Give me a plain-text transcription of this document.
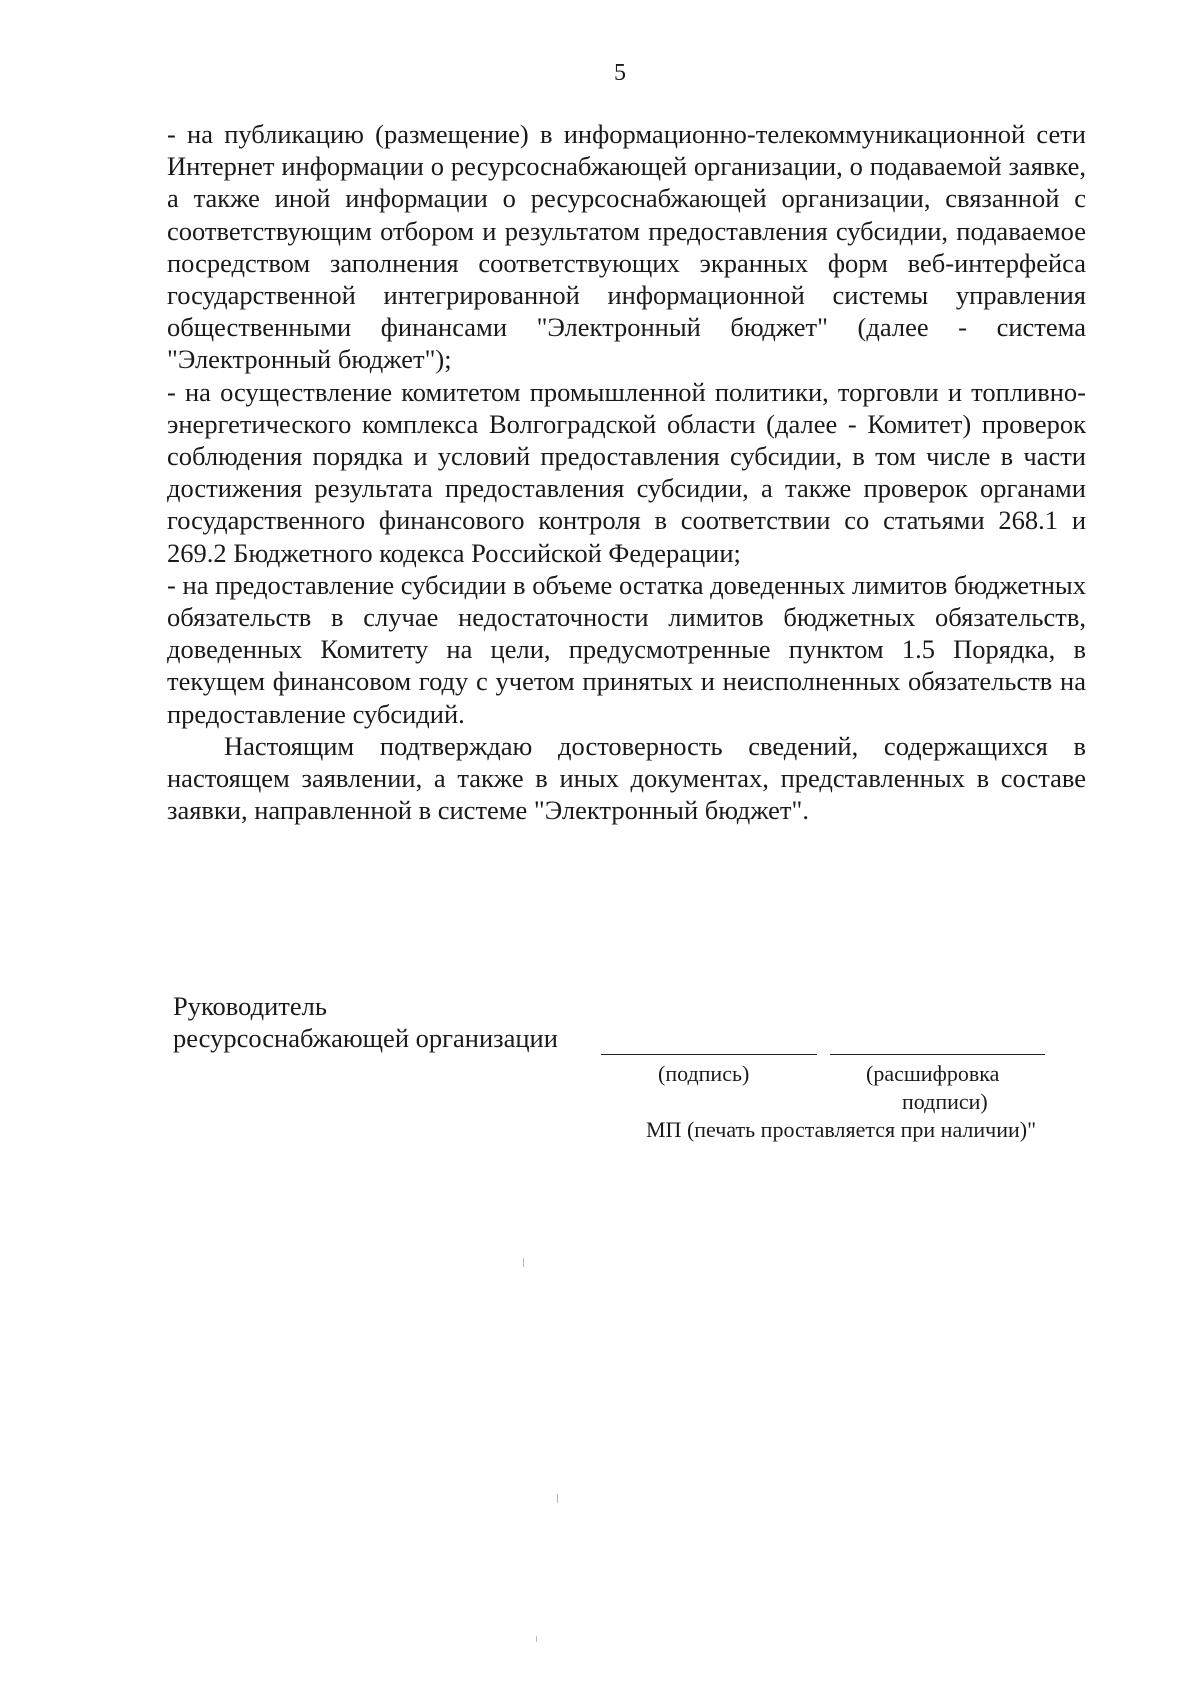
5

- на публикацию (размещение) в информационно-телекоммуникационной сети Интернет информации о ресурсоснабжающей организации, о подаваемой заявке, а также иной информации о ресурсоснабжающей организации, связанной с соответствующим отбором и результатом предоставления субсидии, подаваемое посредством заполнения соответствующих экранных форм веб-интерфейса государственной интегрированной информационной системы управления общественными финансами "Электронный бюджет" (далее - система "Электронный бюджет");

- на осуществление комитетом промышленной политики, торговли и топливно-энергетического комплекса Волгоградской области (далее - Комитет) проверок соблюдения порядка и условий предоставления субсидии, в том числе в части достижения результата предоставления субсидии, а также проверок органами государственного финансового контроля в соответствии со статьями 268.1 и 269.2 Бюджетного кодекса Российской Федерации;

- на предоставление субсидии в объеме остатка доведенных лимитов бюджетных обязательств в случае недостаточности лимитов бюджетных обязательств, доведенных Комитету на цели, предусмотренные пунктом 1.5 Порядка, в текущем финансовом году с учетом принятых и неисполненных обязательств на предоставление субсидий.

Настоящим подтверждаю достоверность сведений, содержащихся в настоящем заявлении, а также в иных документах, представленных в составе заявки, направленной в системе "Электронный бюджет".

Руководитель
ресурсоснабжающей организации
(подпись)	(расшифровка
подписи)
МП (печать проставляется при наличии)"
